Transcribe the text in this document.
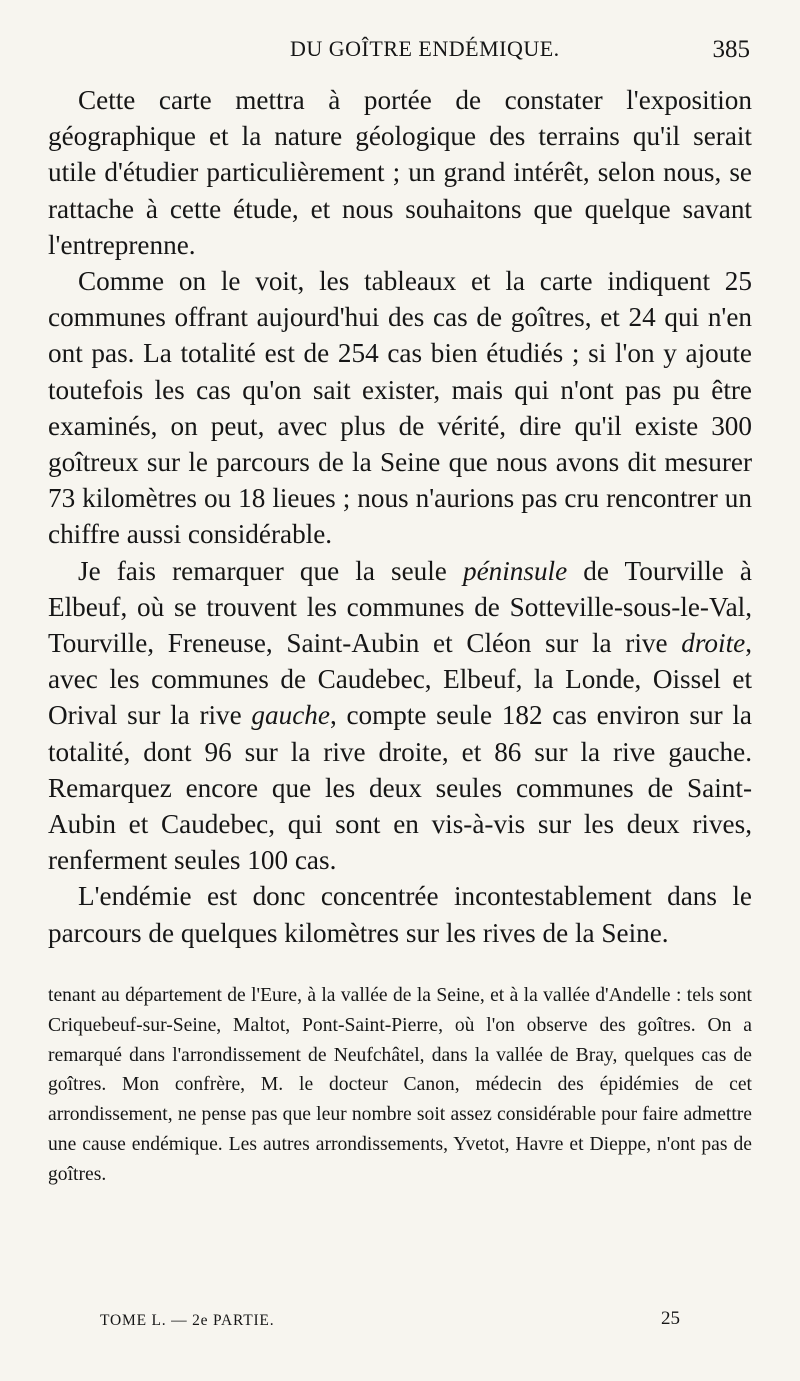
DU GOÎTRE ENDÉMIQUE.	385

Cette carte mettra à portée de constater l'exposition géographique et la nature géologique des terrains qu'il serait utile d'étudier particulièrement ; un grand intérêt, selon nous, se rattache à cette étude, et nous souhaitons que quelque savant l'entreprenne.

Comme on le voit, les tableaux et la carte indiquent 25 communes offrant aujourd'hui des cas de goîtres, et 24 qui n'en ont pas. La totalité est de 254 cas bien étudiés ; si l'on y ajoute toutefois les cas qu'on sait exister, mais qui n'ont pas pu être examinés, on peut, avec plus de vérité, dire qu'il existe 300 goîtreux sur le parcours de la Seine que nous avons dit mesurer 73 kilomètres ou 18 lieues ; nous n'aurions pas cru rencontrer un chiffre aussi considérable.

Je fais remarquer que la seule péninsule de Tourville à Elbeuf, où se trouvent les communes de Sotteville-sous-le-Val, Tourville, Freneuse, Saint-Aubin et Cléon sur la rive droite, avec les communes de Caudebec, Elbeuf, la Londe, Oissel et Orival sur la rive gauche, compte seule 182 cas environ sur la totalité, dont 96 sur la rive droite, et 86 sur la rive gauche. Remarquez encore que les deux seules communes de Saint-Aubin et Caudebec, qui sont en vis-à-vis sur les deux rives, renferment seules 100 cas.

L'endémie est donc concentrée incontestablement dans le parcours de quelques kilomètres sur les rives de la Seine.

tenant au département de l'Eure, à la vallée de la Seine, et à la vallée d'Andelle : tels sont Criquebeuf-sur-Seine, Maltot, Pont-Saint-Pierre, où l'on observe des goîtres. On a remarqué dans l'arrondissement de Neufchâtel, dans la vallée de Bray, quelques cas de goîtres. Mon confrère, M. le docteur Canon, médecin des épidémies de cet arrondissement, ne pense pas que leur nombre soit assez considérable pour faire admettre une cause endémique. Les autres arrondissements, Yvetot, Havre et Dieppe, n'ont pas de goîtres.

TOME L. — 2e PARTIE.	25
